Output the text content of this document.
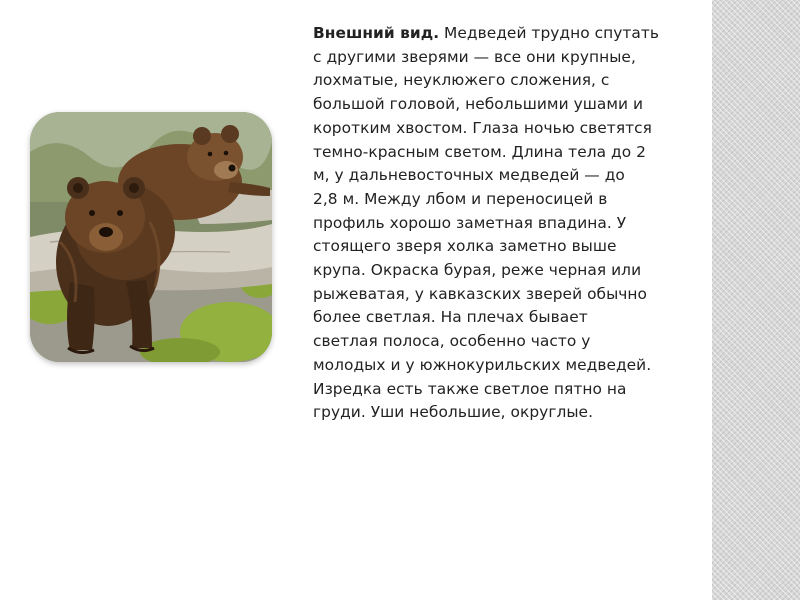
Внешний вид. Медведей трудно спутать
с другими зверями — все они крупные,
лохматые, неуклюжего сложения, с
большой головой, небольшими ушами и
коротким хвостом. Глаза ночью светятся
темно-красным светом. Длина тела до 2
м, у дальневосточных медведей — до
2,8 м. Между лбом и переносицей в
профиль хорошо заметная впадина. У
стоящего зверя холка заметно выше
крупа. Окраска бурая, реже черная или
рыжеватая, у кавказских зверей обычно
более светлая. На плечах бывает
светлая полоса, особенно часто у
молодых и у южнокурильских медведей.
Изредка есть также светлое пятно на
груди. Уши небольшие, округлые.
